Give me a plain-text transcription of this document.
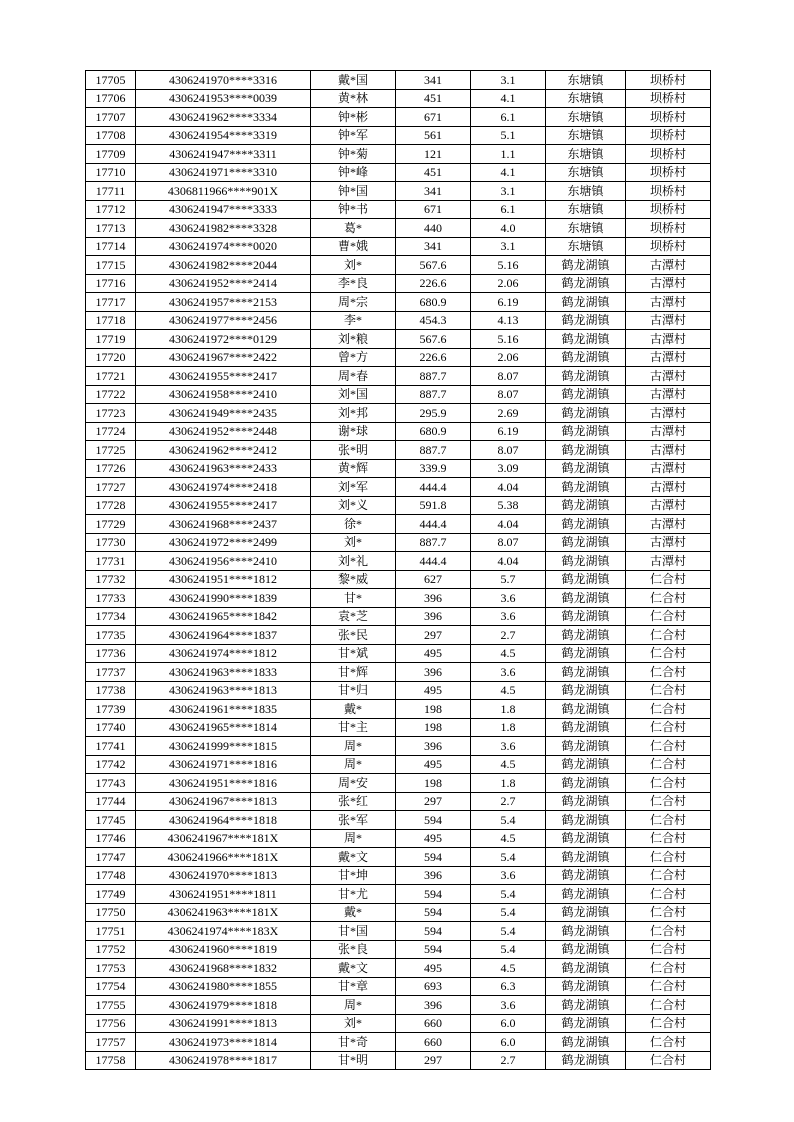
17705	4306241970****3316	戴*国	341	3.1	东塘镇	坝桥村
17706	4306241953****0039	黄*林	451	4.1	东塘镇	坝桥村
17707	4306241962****3334	钟*彬	671	6.1	东塘镇	坝桥村
17708	4306241954****3319	钟*军	561	5.1	东塘镇	坝桥村
17709	4306241947****3311	钟*菊	121	1.1	东塘镇	坝桥村
17710	4306241971****3310	钟*峰	451	4.1	东塘镇	坝桥村
17711	4306811966****901X	钟*国	341	3.1	东塘镇	坝桥村
17712	4306241947****3333	钟*书	671	6.1	东塘镇	坝桥村
17713	4306241982****3328	葛*	440	4.0	东塘镇	坝桥村
17714	4306241974****0020	曹*娥	341	3.1	东塘镇	坝桥村
17715	4306241982****2044	刘*	567.6	5.16	鹤龙湖镇	古潭村
17716	4306241952****2414	李*良	226.6	2.06	鹤龙湖镇	古潭村
17717	4306241957****2153	周*宗	680.9	6.19	鹤龙湖镇	古潭村
17718	4306241977****2456	李*	454.3	4.13	鹤龙湖镇	古潭村
17719	4306241972****0129	刘*粮	567.6	5.16	鹤龙湖镇	古潭村
17720	4306241967****2422	曾*方	226.6	2.06	鹤龙湖镇	古潭村
17721	4306241955****2417	周*春	887.7	8.07	鹤龙湖镇	古潭村
17722	4306241958****2410	刘*国	887.7	8.07	鹤龙湖镇	古潭村
17723	4306241949****2435	刘*邦	295.9	2.69	鹤龙湖镇	古潭村
17724	4306241952****2448	谢*球	680.9	6.19	鹤龙湖镇	古潭村
17725	4306241962****2412	张*明	887.7	8.07	鹤龙湖镇	古潭村
17726	4306241963****2433	黄*辉	339.9	3.09	鹤龙湖镇	古潭村
17727	4306241974****2418	刘*军	444.4	4.04	鹤龙湖镇	古潭村
17728	4306241955****2417	刘*义	591.8	5.38	鹤龙湖镇	古潭村
17729	4306241968****2437	徐*	444.4	4.04	鹤龙湖镇	古潭村
17730	4306241972****2499	刘*	887.7	8.07	鹤龙湖镇	古潭村
17731	4306241956****2410	刘*礼	444.4	4.04	鹤龙湖镇	古潭村
17732	4306241951****1812	黎*威	627	5.7	鹤龙湖镇	仁合村
17733	4306241990****1839	甘*	396	3.6	鹤龙湖镇	仁合村
17734	4306241965****1842	袁*芝	396	3.6	鹤龙湖镇	仁合村
17735	4306241964****1837	张*民	297	2.7	鹤龙湖镇	仁合村
17736	4306241974****1812	甘*斌	495	4.5	鹤龙湖镇	仁合村
17737	4306241963****1833	甘*辉	396	3.6	鹤龙湖镇	仁合村
17738	4306241963****1813	甘*归	495	4.5	鹤龙湖镇	仁合村
17739	4306241961****1835	戴*	198	1.8	鹤龙湖镇	仁合村
17740	4306241965****1814	甘*主	198	1.8	鹤龙湖镇	仁合村
17741	4306241999****1815	周*	396	3.6	鹤龙湖镇	仁合村
17742	4306241971****1816	周*	495	4.5	鹤龙湖镇	仁合村
17743	4306241951****1816	周*安	198	1.8	鹤龙湖镇	仁合村
17744	4306241967****1813	张*红	297	2.7	鹤龙湖镇	仁合村
17745	4306241964****1818	张*军	594	5.4	鹤龙湖镇	仁合村
17746	4306241967****181X	周*	495	4.5	鹤龙湖镇	仁合村
17747	4306241966****181X	戴*文	594	5.4	鹤龙湖镇	仁合村
17748	4306241970****1813	甘*坤	396	3.6	鹤龙湖镇	仁合村
17749	4306241951****1811	甘*尤	594	5.4	鹤龙湖镇	仁合村
17750	4306241963****181X	戴*	594	5.4	鹤龙湖镇	仁合村
17751	4306241974****183X	甘*国	594	5.4	鹤龙湖镇	仁合村
17752	4306241960****1819	张*良	594	5.4	鹤龙湖镇	仁合村
17753	4306241968****1832	戴*文	495	4.5	鹤龙湖镇	仁合村
17754	4306241980****1855	甘*章	693	6.3	鹤龙湖镇	仁合村
17755	4306241979****1818	周*	396	3.6	鹤龙湖镇	仁合村
17756	4306241991****1813	刘*	660	6.0	鹤龙湖镇	仁合村
17757	4306241973****1814	甘*奇	660	6.0	鹤龙湖镇	仁合村
17758	4306241978****1817	甘*明	297	2.7	鹤龙湖镇	仁合村
